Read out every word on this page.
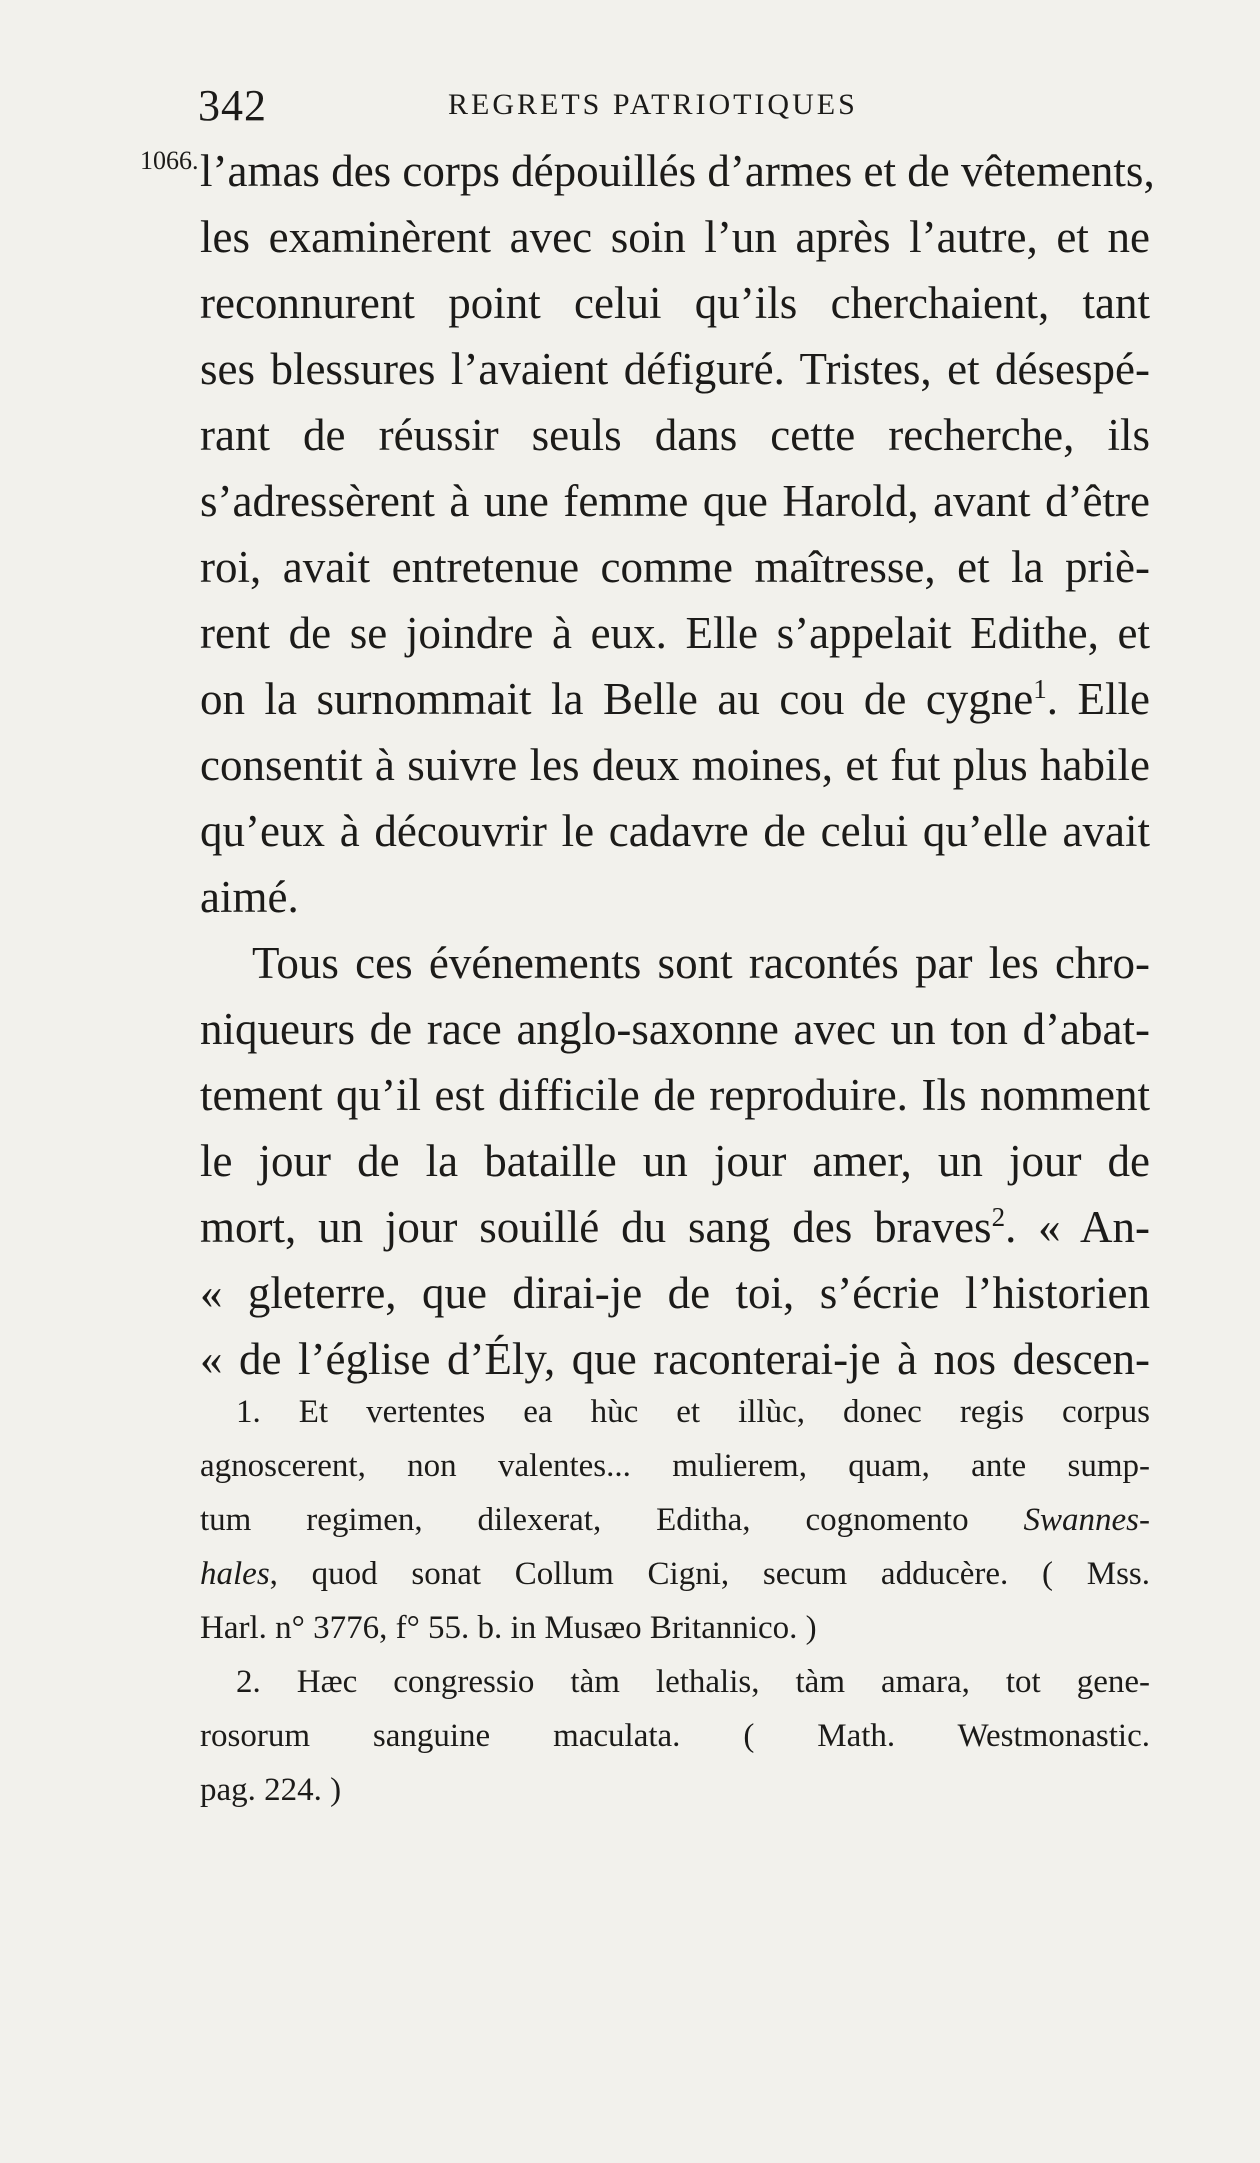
342	REGRETS PATRIOTIQUES
1066. l’amas des corps dépouillés d’armes et de vêtements,
les examinèrent avec soin l’un après l’autre, et ne
reconnurent point celui qu’ils cherchaient, tant
ses blessures l’avaient défiguré. Tristes, et désespé-
rant de réussir seuls dans cette recherche, ils
s’adressèrent à une femme que Harold, avant d’être
roi, avait entretenue comme maîtresse, et la priè-
rent de se joindre à eux. Elle s’appelait Edithe, et
on la surnommait la Belle au cou de cygne$^1$. Elle
consentit à suivre les deux moines, et fut plus habile
qu’eux à découvrir le cadavre de celui qu’elle avait
aimé.
Tous ces événements sont racontés par les chro-
niqueurs de race anglo-saxonne avec un ton d’abat-
tement qu’il est difficile de reproduire. Ils nomment
le jour de la bataille un jour amer, un jour de
mort, un jour souillé du sang des braves$^2$. « An-
« gleterre, que dirai-je de toi, s’écrie l’historien
« de l’église d’Ély, que raconterai-je à nos descen-
1. Et vertentes ea hùc et illùc, donec regis corpus
agnoscerent, non valentes... mulierem, quam, ante sump-
tum regimen, dilexerat, Editha, cognomento Swannes-
hales, quod sonat Collum Cigni, secum adducère. ( Mss.
Harl. n° 3776, f° 55. b. in Musæo Britannico. )
2. Hæc congressio tàm lethalis, tàm amara, tot gene-
rosorum sanguine maculata. ( Math. Westmonastic.
pag. 224. )
